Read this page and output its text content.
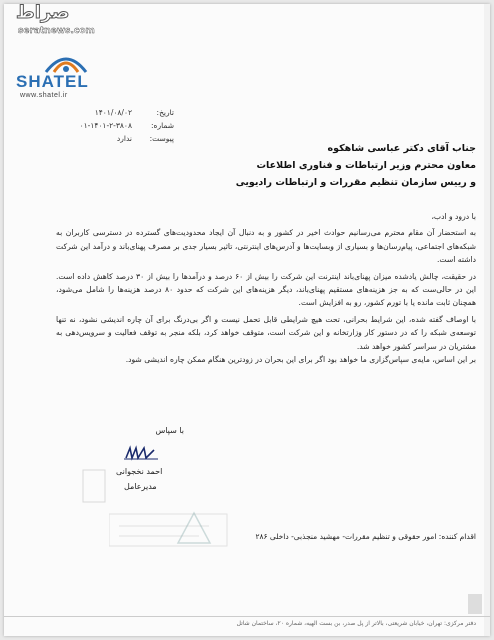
صراط
seratnews.com
SHATEL
www.shatel.ir
تاریخ:
۱۴۰۱/۰۸/۰۲
شماره:
۰۱-۱۴۰۱-۲-۳۸۰۸
پیوست:
ندارد
جناب آقای دکتر عباسی شاهکوه
معاون محترم وزیر ارتباطات و فناوری اطلاعات
و رییس سازمان تنظیم مقررات و ارتباطات رادیویی

با درود و ادب،

به استحضار آن مقام محترم می‌رسانیم حوادث اخیر در کشور و به دنبال آن ایجاد محدودیت‌های گسترده در دسترسی کاربران به شبکه‌های اجتماعی، پیام‌رسان‌ها و بسیاری از وبسایت‌ها و آدرس‌های اینترنتی، تاثیر بسیار جدی بر مصرف پهنای‌باند و درآمد این شرکت داشته است.

در حقیقت، چالش یادشده میزان پهنای‌باند اینترنت این شرکت را بیش از ۶۰ درصد و درآمدها را بیش از ۳۰ درصد کاهش داده است. این در حالی‌ست که به جز هزینه‌های مستقیم پهنای‌باند، دیگر هزینه‌های این شرکت که حدود ۸۰ درصد هزینه‌ها را شامل می‌شود، همچنان ثابت مانده یا با تورم کشور، رو به افزایش است.

با اوصاف گفته شده، این شرایط بحرانی، تحت هیچ شرایطی قابل تحمل نیست و اگر بی‌درنگ برای آن چاره اندیشی نشود، نه تنها توسعه‌ی شبکه را که در دستور کار وزارتخانه و این شرکت است، متوقف خواهد کرد، بلکه منجر به توقف فعالیت و سرویس‌دهی به مشتریان در سراسر کشور خواهد شد.

بر این اساس، مایه‌ی سپاس‌گزاری ما خواهد بود اگر برای این بحران در زودترین هنگام ممکن چاره اندیشی شود.

با سپاس
احمد نخجوانی
مدیرعامل
اقدام کننده: امور حقوقی و تنظیم مقررات- مهشید منجذبی- داخلی ۲۸۶
دفتر مرکزی: تهران، خیابان شریعتی، بالاتر از پل صدر، بن بست الهیه، شماره ۲۰، ساختمان شاتل
